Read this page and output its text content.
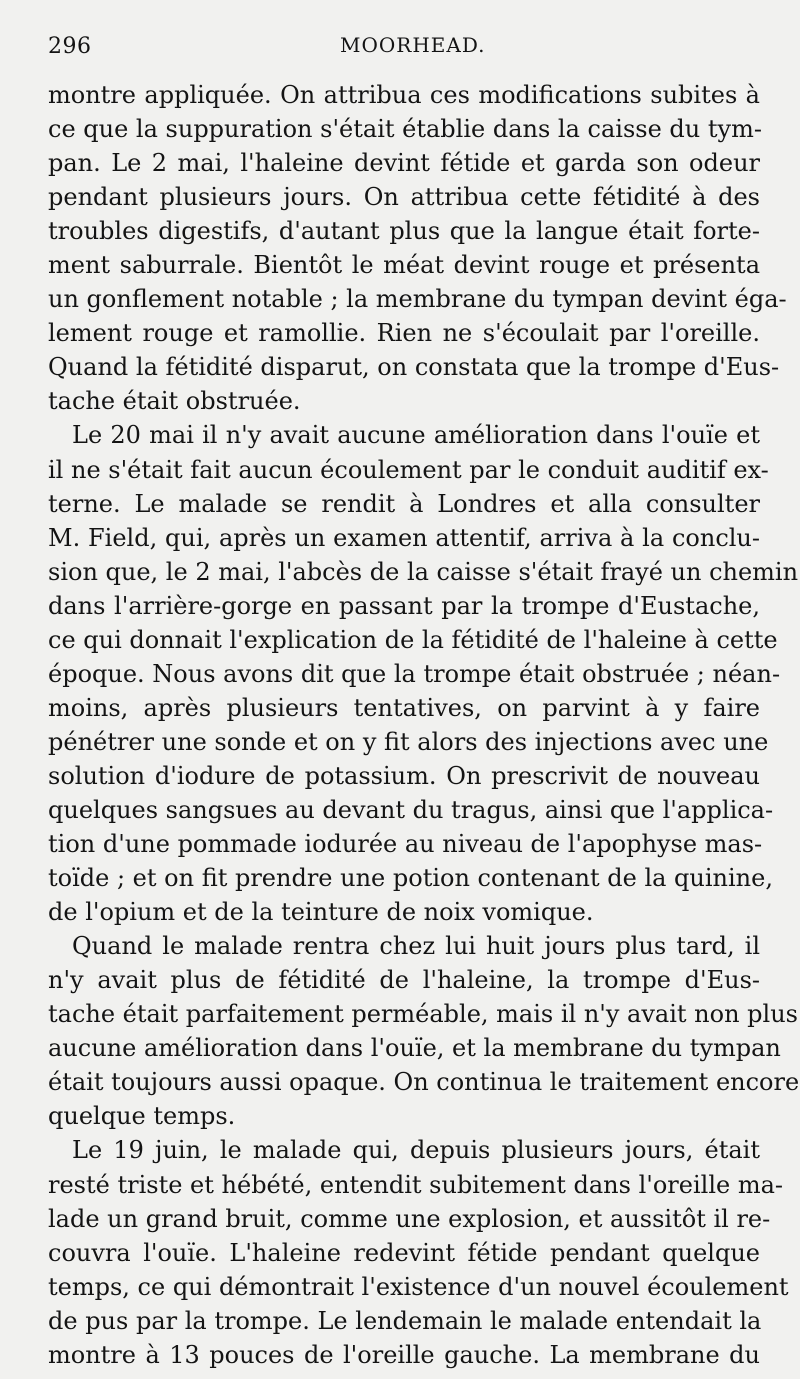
296	MOORHEAD.
montre appliquée. On attribua ces modifications subites à
ce que la suppuration s'était établie dans la caisse du tym-
pan. Le 2 mai, l'haleine devint fétide et garda son odeur
pendant plusieurs jours. On attribua cette fétidité à des
troubles digestifs, d'autant plus que la langue était forte-
ment saburrale. Bientôt le méat devint rouge et présenta
un gonflement notable ; la membrane du tympan devint éga-
lement rouge et ramollie. Rien ne s'écoulait par l'oreille.
Quand la fétidité disparut, on constata que la trompe d'Eus-
tache était obstruée.
Le 20 mai il n'y avait aucune amélioration dans l'ouïe et
il ne s'était fait aucun écoulement par le conduit auditif ex-
terne. Le malade se rendit à Londres et alla consulter
M. Field, qui, après un examen attentif, arriva à la conclu-
sion que, le 2 mai, l'abcès de la caisse s'était frayé un chemin
dans l'arrière-gorge en passant par la trompe d'Eustache,
ce qui donnait l'explication de la fétidité de l'haleine à cette
époque. Nous avons dit que la trompe était obstruée ; néan-
moins, après plusieurs tentatives, on parvint à y faire
pénétrer une sonde et on y fit alors des injections avec une
solution d'iodure de potassium. On prescrivit de nouveau
quelques sangsues au devant du tragus, ainsi que l'applica-
tion d'une pommade iodurée au niveau de l'apophyse mas-
toïde ; et on fit prendre une potion contenant de la quinine,
de l'opium et de la teinture de noix vomique.
Quand le malade rentra chez lui huit jours plus tard, il
n'y avait plus de fétidité de l'haleine, la trompe d'Eus-
tache était parfaitement perméable, mais il n'y avait non plus
aucune amélioration dans l'ouïe, et la membrane du tympan
était toujours aussi opaque. On continua le traitement encore
quelque temps.
Le 19 juin, le malade qui, depuis plusieurs jours, était
resté triste et hébété, entendit subitement dans l'oreille ma-
lade un grand bruit, comme une explosion, et aussitôt il re-
couvra l'ouïe. L'haleine redevint fétide pendant quelque
temps, ce qui démontrait l'existence d'un nouvel écoulement
de pus par la trompe. Le lendemain le malade entendait la
montre à 13 pouces de l'oreille gauche. La membrane du
